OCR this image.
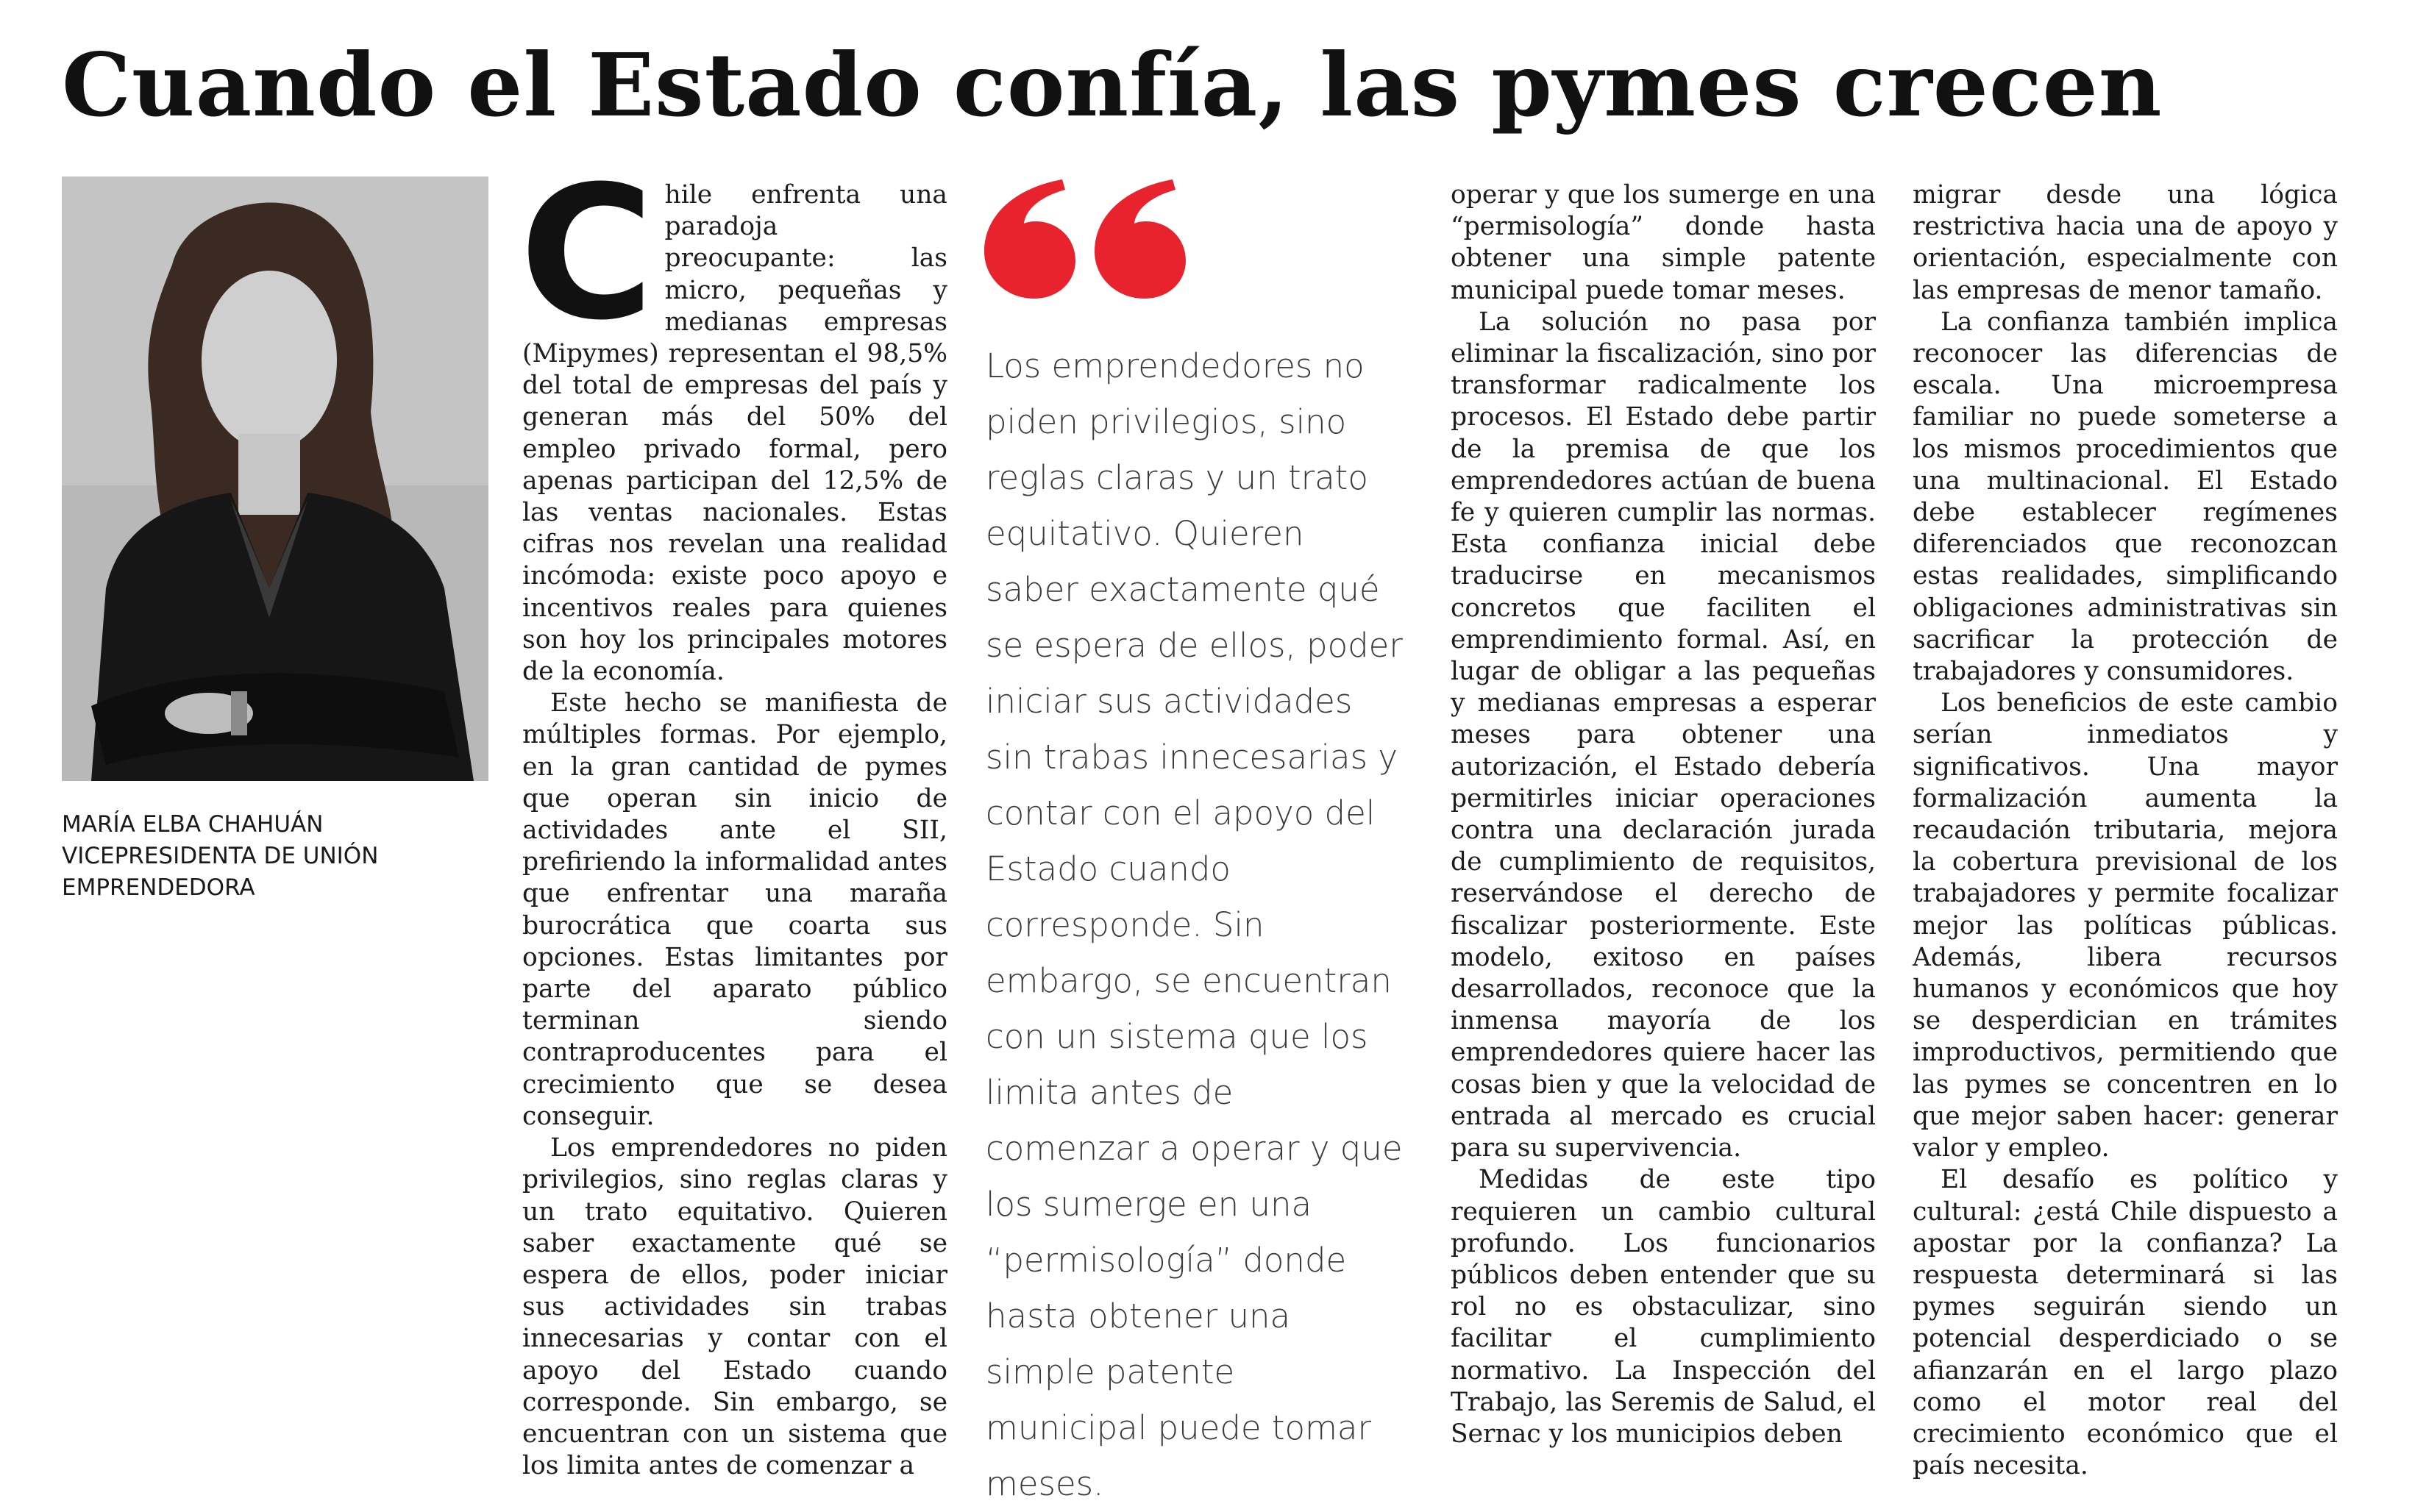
Cuando el Estado confía, las pymes crecen
MARÍA ELBA CHAHUÁN
VICEPRESIDENTA DE UNIÓN
EMPRENDEDORA
C hile enfrenta una paradoja preocupante: las micro, pequeñas y medianas empresas (Mipymes) representan el 98,5% del total de empresas del país y generan más del 50% del empleo privado formal, pero apenas participan del 12,5% de las ventas nacionales. Estas cifras nos revelan una realidad incómoda: existe poco apoyo e incentivos reales para quienes son hoy los principales motores de la economía.

Este hecho se manifiesta de múltiples formas. Por ejemplo, en la gran cantidad de pymes que operan sin inicio de actividades ante el SII, prefiriendo la informalidad antes que enfrentar una maraña burocrática que coarta sus opciones. Estas limitantes por parte del aparato público terminan siendo contraproducentes para el crecimiento que se desea conseguir.

Los emprendedores no piden privilegios, sino reglas claras y un trato equitativo. Quieren saber exactamente qué se espera de ellos, poder iniciar sus actividades sin trabas innecesarias y contar con el apoyo del Estado cuando corresponde. Sin embargo, se encuentran con un sistema que los limita antes de comenzar a

Los emprendedores no piden privilegios, sino reglas claras y un trato equitativo. Quieren saber exactamente qué se espera de ellos, poder iniciar sus actividades sin trabas innecesarias y contar con el apoyo del Estado cuando corresponde. Sin embargo, se encuentran con un sistema que los limita antes de comenzar a operar y que los sumerge en una “permisología” donde hasta obtener una simple patente municipal puede tomar meses.

operar y que los sumerge en una “permisología” donde hasta obtener una simple patente municipal puede tomar meses.

La solución no pasa por eliminar la fiscalización, sino por transformar radicalmente los procesos. El Estado debe partir de la premisa de que los emprendedores actúan de buena fe y quieren cumplir las normas. Esta confianza inicial debe traducirse en mecanismos concretos que faciliten el emprendimiento formal. Así, en lugar de obligar a las pequeñas y medianas empresas a esperar meses para obtener una autorización, el Estado debería permitirles iniciar operaciones contra una declaración jurada de cumplimiento de requisitos, reservándose el derecho de fiscalizar posteriormente. Este modelo, exitoso en países desarrollados, reconoce que la inmensa mayoría de los emprendedores quiere hacer las cosas bien y que la velocidad de entrada al mercado es crucial para su supervivencia.

Medidas de este tipo requieren un cambio cultural profundo. Los funcionarios públicos deben entender que su rol no es obstaculizar, sino facilitar el cumplimiento normativo. La Inspección del Trabajo, las Seremis de Salud, el Sernac y los municipios deben

migrar desde una lógica restrictiva hacia una de apoyo y orientación, especialmente con las empresas de menor tamaño.

La confianza también implica reconocer las diferencias de escala. Una microempresa familiar no puede someterse a los mismos procedimientos que una multinacional. El Estado debe establecer regímenes diferenciados que reconozcan estas realidades, simplificando obligaciones administrativas sin sacrificar la protección de trabajadores y consumidores.

Los beneficios de este cambio serían inmediatos y significativos. Una mayor formalización aumenta la recaudación tributaria, mejora la cobertura previsional de los trabajadores y permite focalizar mejor las políticas públicas. Además, libera recursos humanos y económicos que hoy se desperdician en trámites improductivos, permitiendo que las pymes se concentren en lo que mejor saben hacer: generar valor y empleo.

El desafío es político y cultural: ¿está Chile dispuesto a apostar por la confianza? La respuesta determinará si las pymes seguirán siendo un potencial desperdiciado o se afianzarán en el largo plazo como el motor real del crecimiento económico que el país necesita.
